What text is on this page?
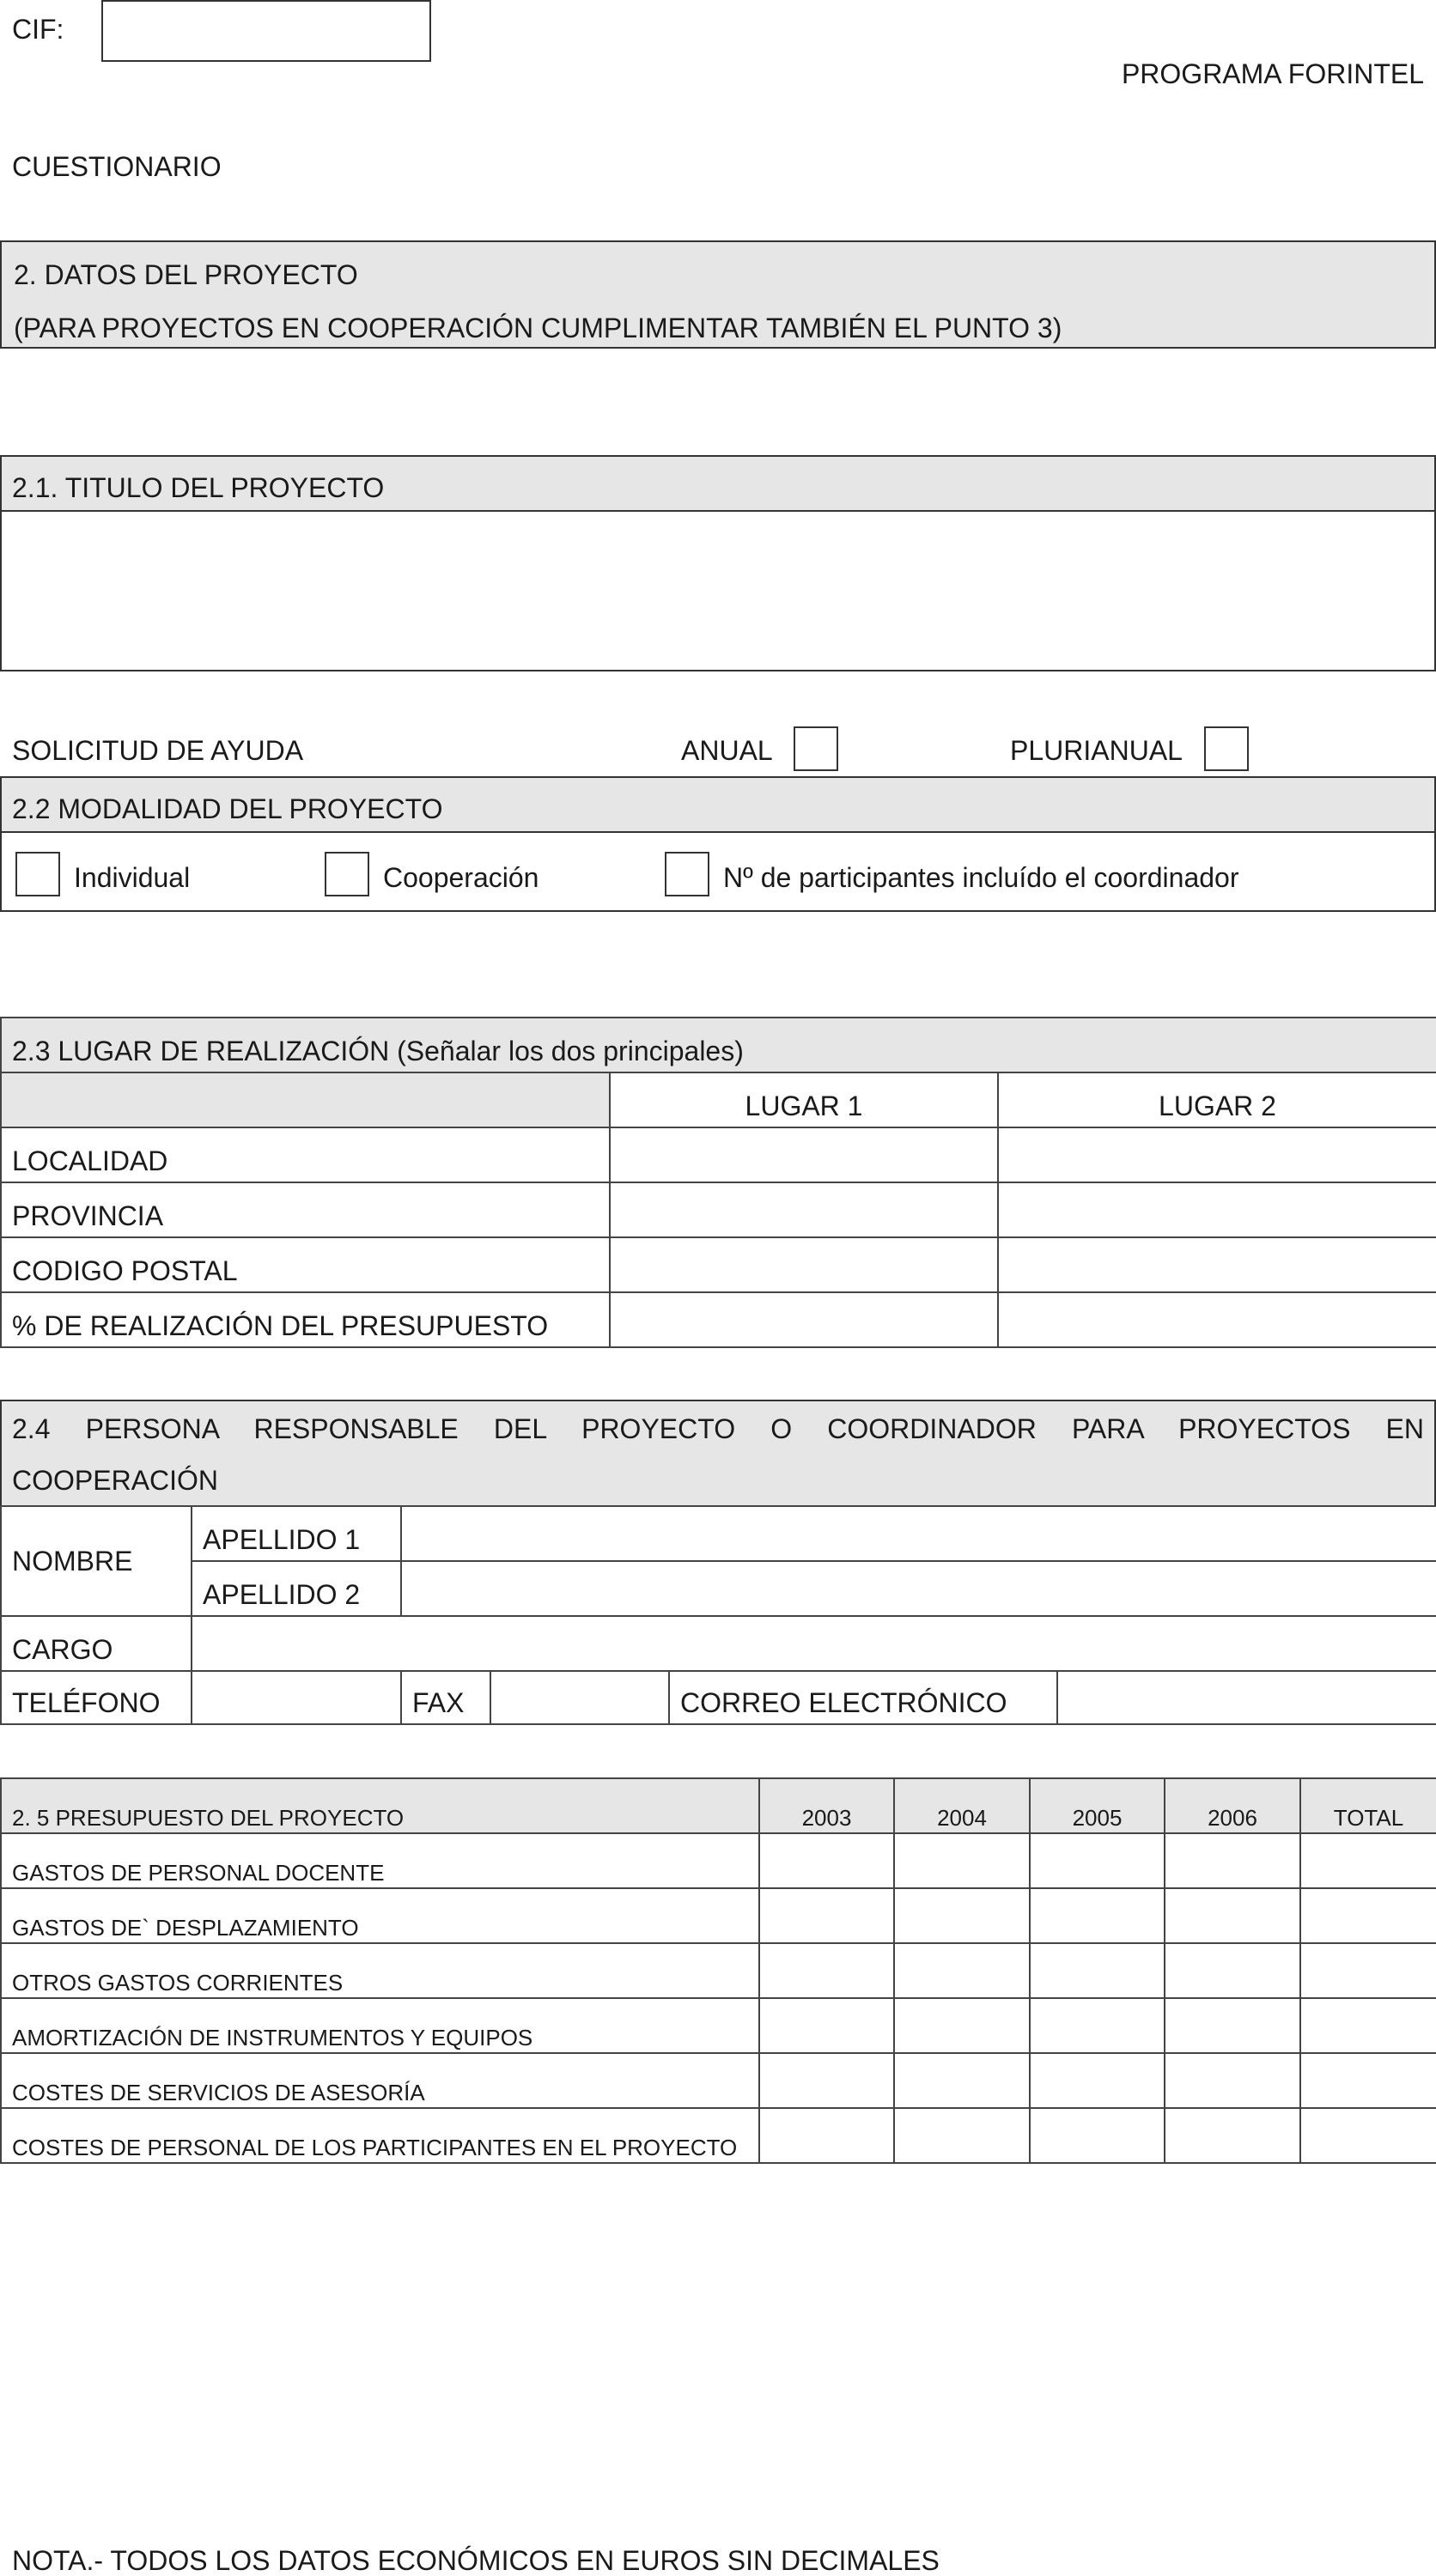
CIF:
PROGRAMA FORINTEL
CUESTIONARIO
2. DATOS DEL PROYECTO
(PARA PROYECTOS EN COOPERACIÓN CUMPLIMENTAR TAMBIÉN EL PUNTO 3)
2.1. TITULO DEL PROYECTO
SOLICITUD DE AYUDA	ANUAL	PLURIANUAL
2.2 MODALIDAD DEL PROYECTO
Individual	Cooperación	Nº de participantes incluído el coordinador
2.3 LUGAR DE REALIZACIÓN (Señalar los dos principales)		
	LUGAR 1	LUGAR 2
LOCALIDAD		
PROVINCIA		
CODIGO POSTAL		
% DE REALIZACIÓN DEL PRESUPUESTO		
2.4 PERSONA RESPONSABLE DEL PROYECTO O COORDINADOR PARA PROYECTOS EN
COOPERACIÓN
NOMBRE	APELLIDO 1				
	APELLIDO 2				
CARGO					
TELÉFONO		FAX		CORREO ELECTRÓNICO	
2. 5 PRESUPUESTO DEL PROYECTO	2003	2004	2005	2006	TOTAL
GASTOS DE PERSONAL DOCENTE					
GASTOS DE` DESPLAZAMIENTO					
OTROS GASTOS CORRIENTES					
AMORTIZACIÓN DE INSTRUMENTOS Y EQUIPOS					
COSTES DE SERVICIOS DE ASESORÍA					
COSTES DE PERSONAL DE LOS PARTICIPANTES EN EL PROYECTO					
NOTA.- TODOS LOS DATOS ECONÓMICOS EN EUROS SIN DECIMALES
